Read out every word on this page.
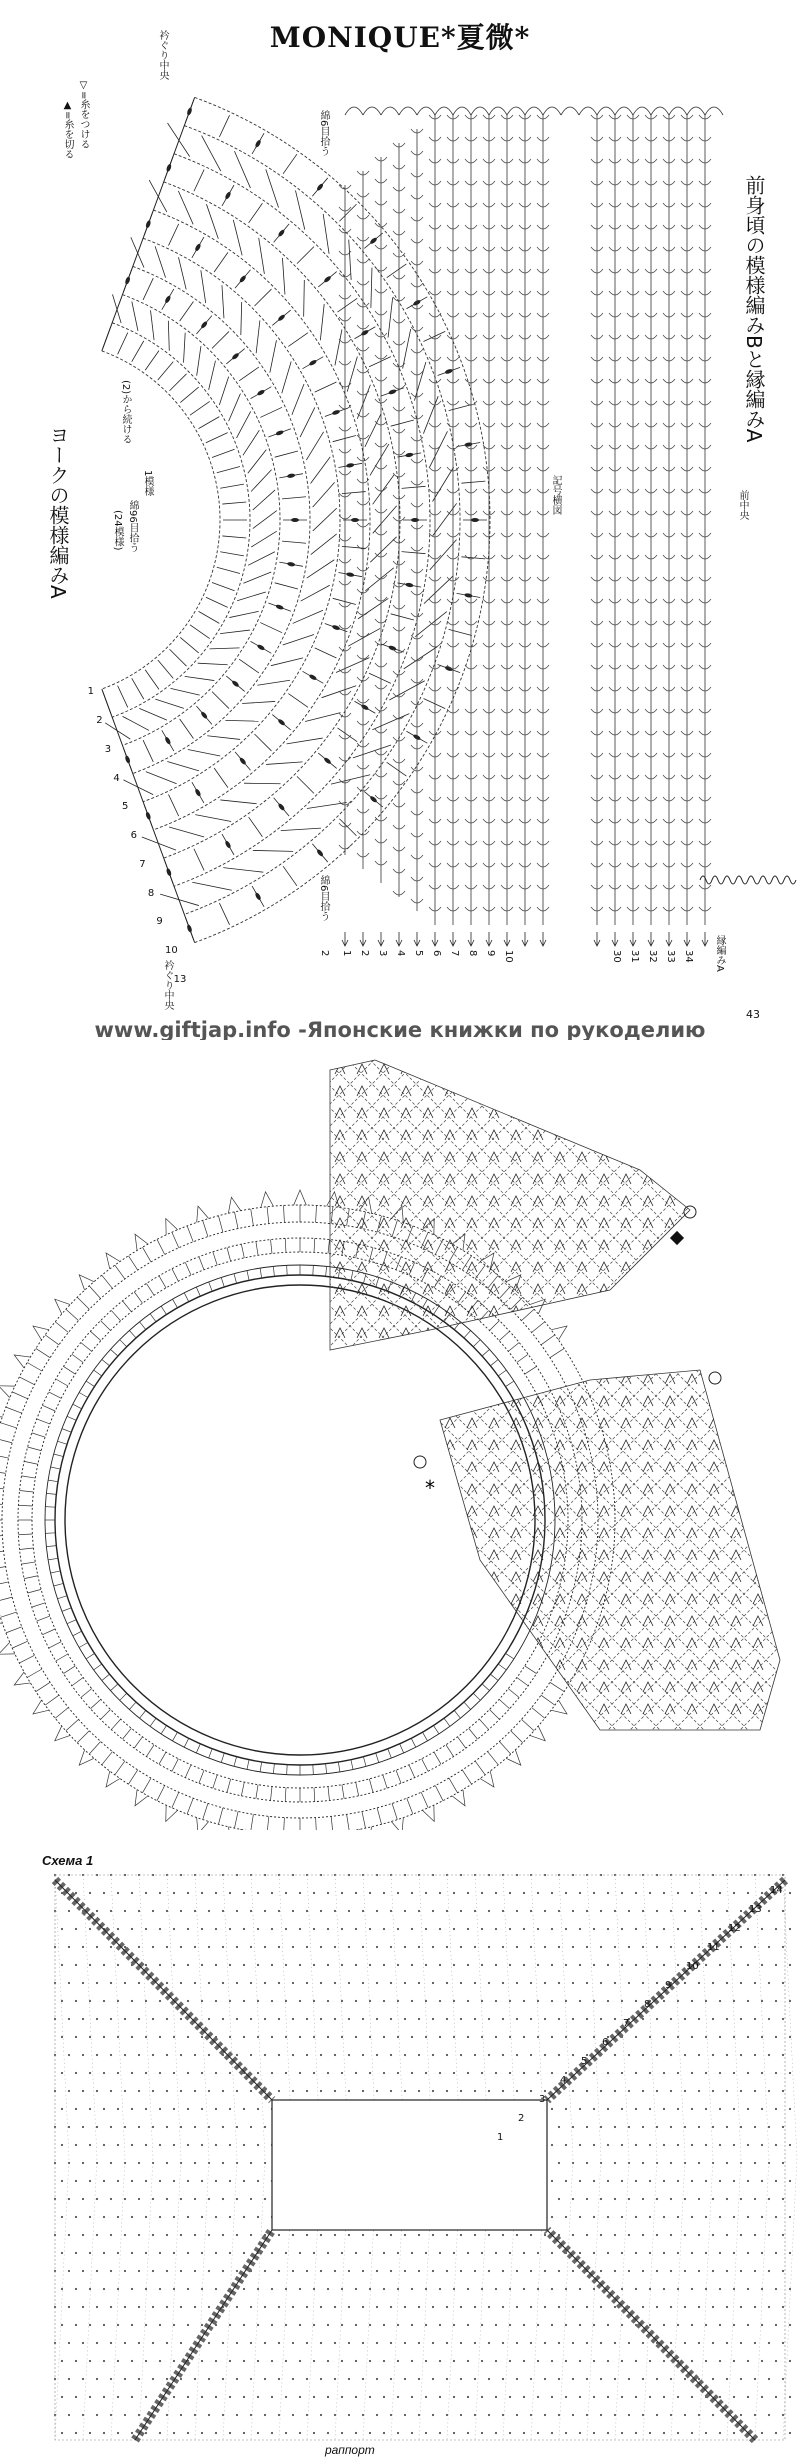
MONIQUE*夏微*
前身頃の模様編みBと縁編みA
ヨークの模様編みA	1模様
(24模様) 綿96目拾う
記号横図	前中央
▽=糸をつける
▲=糸を切る	綿6目拾う
綿6目拾う
衿ぐり中央
衿ぐり中央
(2)から続ける
縁編みA
1
2
3
4
5
6
7
8
9
10
13
2 1 2 3 4 5 6 7 8 9 10	30 31 32 33 34
43
www.giftjap.info -Японские книжки по рукоделию
*
Схема 1
раппорт
14
13
12
11
10
9
8
7
6
5
4
3
2
1
